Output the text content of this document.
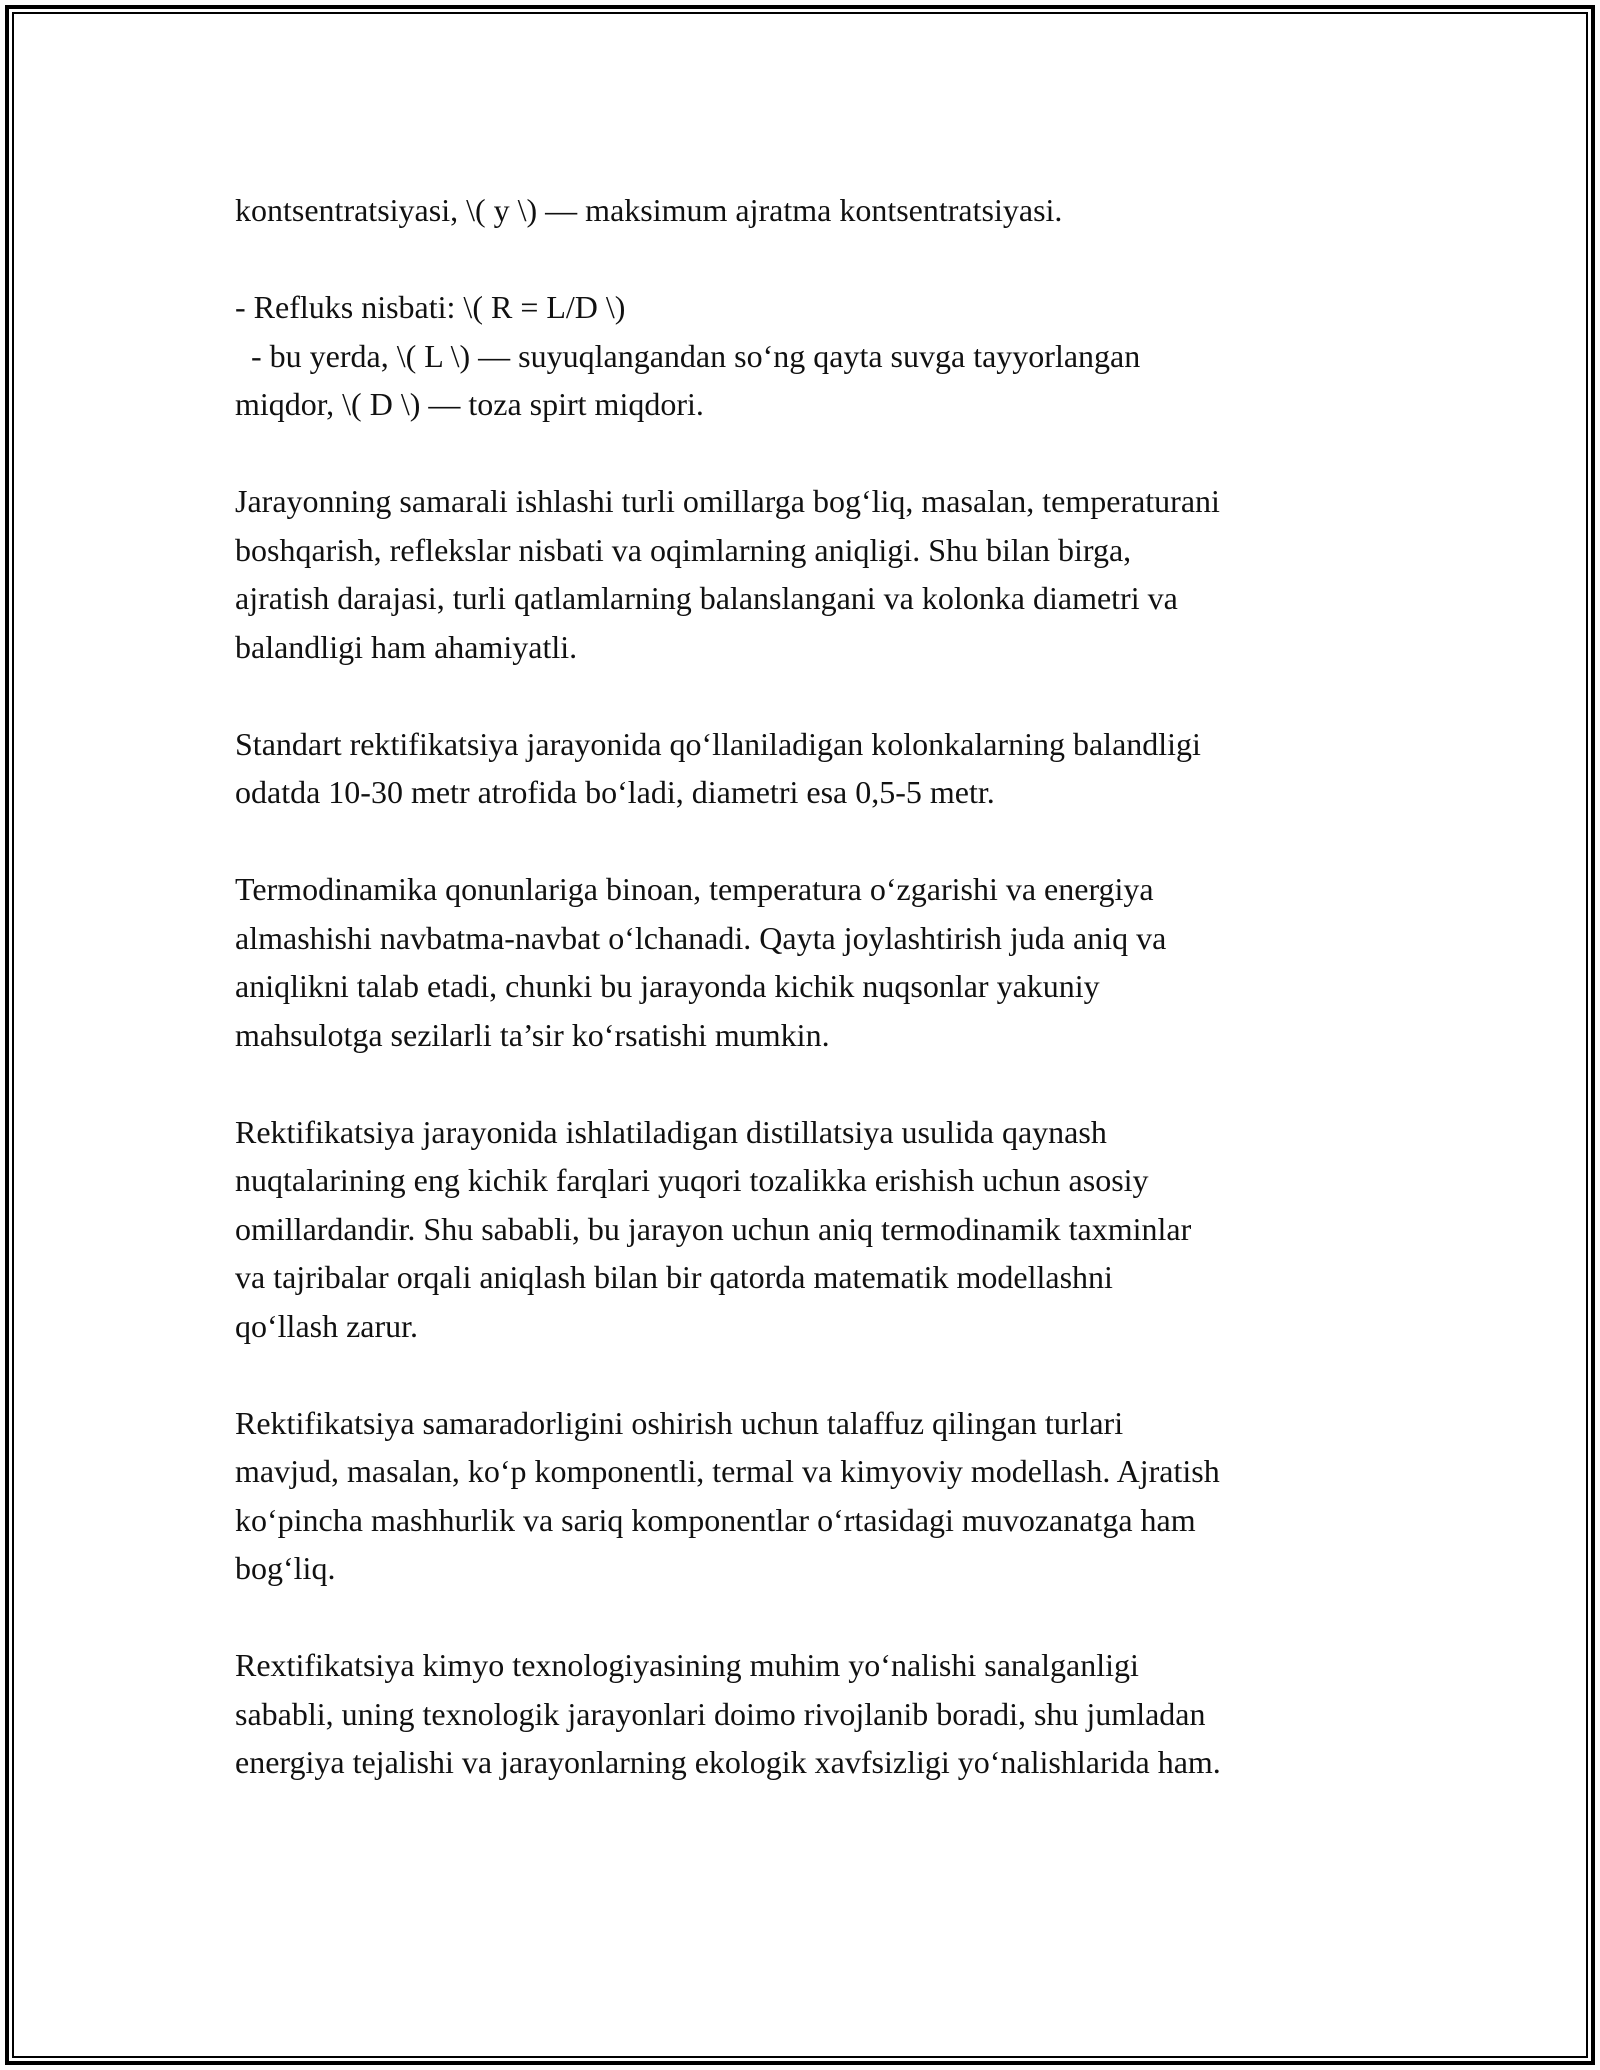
kontsentratsiyasi, \( y \) — maksimum ajratma kontsentratsiyasi.
- Refluks nisbati: \( R = L/D \)
- bu yerda, \( L \) — suyuqlangandan so‘ng qayta suvga tayyorlangan
miqdor, \( D \) — toza spirt miqdori.
Jarayonning samarali ishlashi turli omillarga bog‘liq, masalan, temperaturani
boshqarish, reflekslar nisbati va oqimlarning aniqligi. Shu bilan birga,
ajratish darajasi, turli qatlamlarning balanslangani va kolonka diametri va
balandligi ham ahamiyatli.
Standart rektifikatsiya jarayonida qo‘llaniladigan kolonkalarning balandligi
odatda 10-30 metr atrofida bo‘ladi, diametri esa 0,5-5 metr.
Termodinamika qonunlariga binoan, temperatura o‘zgarishi va energiya
almashishi navbatma-navbat o‘lchanadi. Qayta joylashtirish juda aniq va
aniqlikni talab etadi, chunki bu jarayonda kichik nuqsonlar yakuniy
mahsulotga sezilarli ta’sir ko‘rsatishi mumkin.
Rektifikatsiya jarayonida ishlatiladigan distillatsiya usulida qaynash
nuqtalarining eng kichik farqlari yuqori tozalikka erishish uchun asosiy
omillardandir. Shu sababli, bu jarayon uchun aniq termodinamik taxminlar
va tajribalar orqali aniqlash bilan bir qatorda matematik modellashni
qo‘llash zarur.
Rektifikatsiya samaradorligini oshirish uchun talaffuz qilingan turlari
mavjud, masalan, ko‘p komponentli, termal va kimyoviy modellash. Ajratish
ko‘pincha mashhurlik va sariq komponentlar o‘rtasidagi muvozanatga ham
bog‘liq.
Rextifikatsiya kimyo texnologiyasining muhim yo‘nalishi sanalganligi
sababli, uning texnologik jarayonlari doimo rivojlanib boradi, shu jumladan
energiya tejalishi va jarayonlarning ekologik xavfsizligi yo‘nalishlarida ham.
